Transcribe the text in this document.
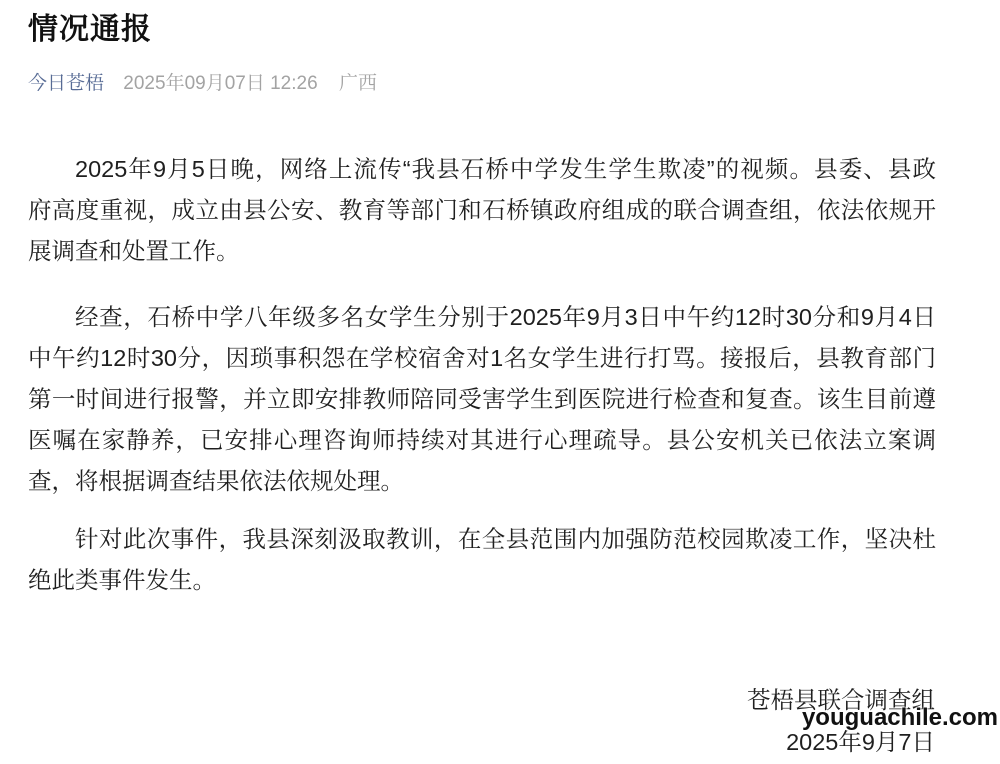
情况通报
今日苍梧 2025年09月07日 12:26 广西
2025年9月5日晚，网络上流传“我县石桥中学发生学生欺凌”的视频。县委、县政
府高度重视，成立由县公安、教育等部门和石桥镇政府组成的联合调查组，依法依规开
展调查和处置工作。
经查，石桥中学八年级多名女学生分别于2025年9月3日中午约12时30分和9月4日
中午约12时30分，因琐事积怨在学校宿舍对1名女学生进行打骂。接报后，县教育部门
第一时间进行报警，并立即安排教师陪同受害学生到医院进行检查和复查。该生目前遵
医嘱在家静养，已安排心理咨询师持续对其进行心理疏导。县公安机关已依法立案调
查，将根据调查结果依法依规处理。
针对此次事件，我县深刻汲取教训，在全县范围内加强防范校园欺凌工作，坚决杜
绝此类事件发生。
苍梧县联合调查组
2025年9月7日
youguachile.com
